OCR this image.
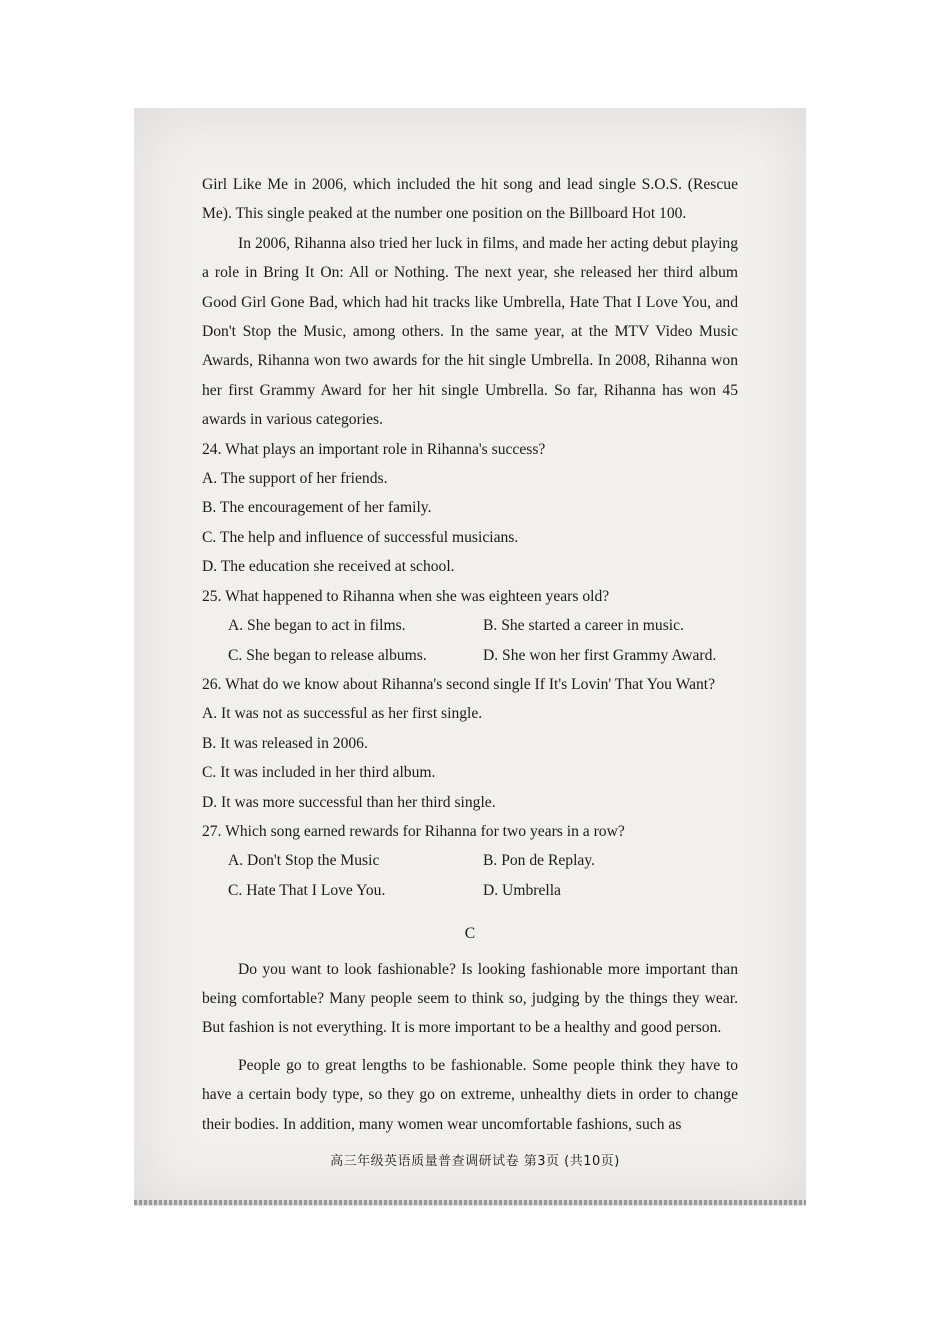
Girl Like Me in 2006, which included the hit song and lead single S.O.S. (Rescue Me). This single peaked at the number one position on the Billboard Hot 100.

In 2006, Rihanna also tried her luck in films, and made her acting debut playing a role in Bring It On: All or Nothing. The next year, she released her third album Good Girl Gone Bad, which had hit tracks like Umbrella, Hate That I Love You, and Don't Stop the Music, among others. In the same year, at the MTV Video Music Awards, Rihanna won two awards for the hit single Umbrella. In 2008, Rihanna won her first Grammy Award for her hit single Umbrella. So far, Rihanna has won 45 awards in various categories.

24. What plays an important role in Rihanna's success?

A. The support of her friends.

B. The encouragement of her family.

C. The help and influence of successful musicians.

D. The education she received at school.

25. What happened to Rihanna when she was eighteen years old?

A. She began to act in films.	B. She started a career in music.
C. She began to release albums.	D. She won her first Grammy Award.

26. What do we know about Rihanna's second single If It's Lovin' That You Want?

A. It was not as successful as her first single.

B. It was released in 2006.

C. It was included in her third album.

D. It was more successful than her third single.

27. Which song earned rewards for Rihanna for two years in a row?

A. Don't Stop the Music	B. Pon de Replay.
C. Hate That I Love You.	D. Umbrella
C

Do you want to look fashionable? Is looking fashionable more important than being comfortable? Many people seem to think so, judging by the things they wear. But fashion is not everything. It is more important to be a healthy and good person.

People go to great lengths to be fashionable. Some people think they have to have a certain body type, so they go on extreme, unhealthy diets in order to change their bodies. In addition, many women wear uncomfortable fashions, such as

高三年级英语质量普查调研试卷 第3页 (共10页)
